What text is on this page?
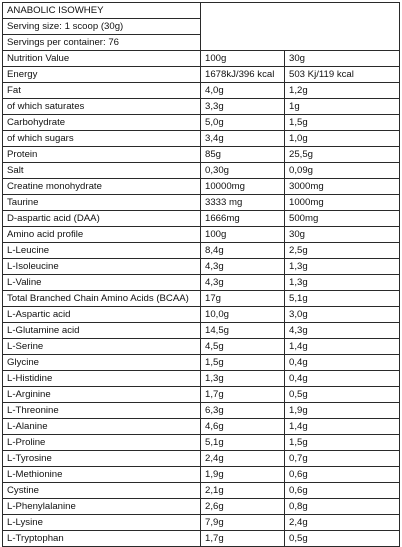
ANABOLIC ISOWHEY		
Serving size: 1 scoop (30g)		
Servings per container: 76		
Nutrition Value	100g	30g
Energy	1678kJ/396 kcal	503 Kj/119 kcal
Fat	4,0g	1,2g
of which saturates	3,3g	1g
Carbohydrate	5,0g	1,5g
of which sugars	3,4g	1,0g
Protein	85g	25,5g
Salt	0,30g	0,09g
Creatine monohydrate	10000mg	3000mg
Taurine	3333 mg	1000mg
D-aspartic acid (DAA)	1666mg	500mg
Amino acid profile	100g	30g
L-Leucine	8,4g	2,5g
L-Isoleucine	4,3g	1,3g
L-Valine	4,3g	1,3g
Total Branched Chain Amino Acids (BCAA)	17g	5,1g
L-Aspartic acid	10,0g	3,0g
L-Glutamine acid	14,5g	4,3g
L-Serine	4,5g	1,4g
Glycine	1,5g	0,4g
L-Histidine	1,3g	0,4g
L-Arginine	1,7g	0,5g
L-Threonine	6,3g	1,9g
L-Alanine	4,6g	1,4g
L-Proline	5,1g	1,5g
L-Tyrosine	2,4g	0,7g
L-Methionine	1,9g	0,6g
Cystine	2,1g	0,6g
L-Phenylalanine	2,6g	0,8g
L-Lysine	7,9g	2,4g
L-Tryptophan	1,7g	0,5g
